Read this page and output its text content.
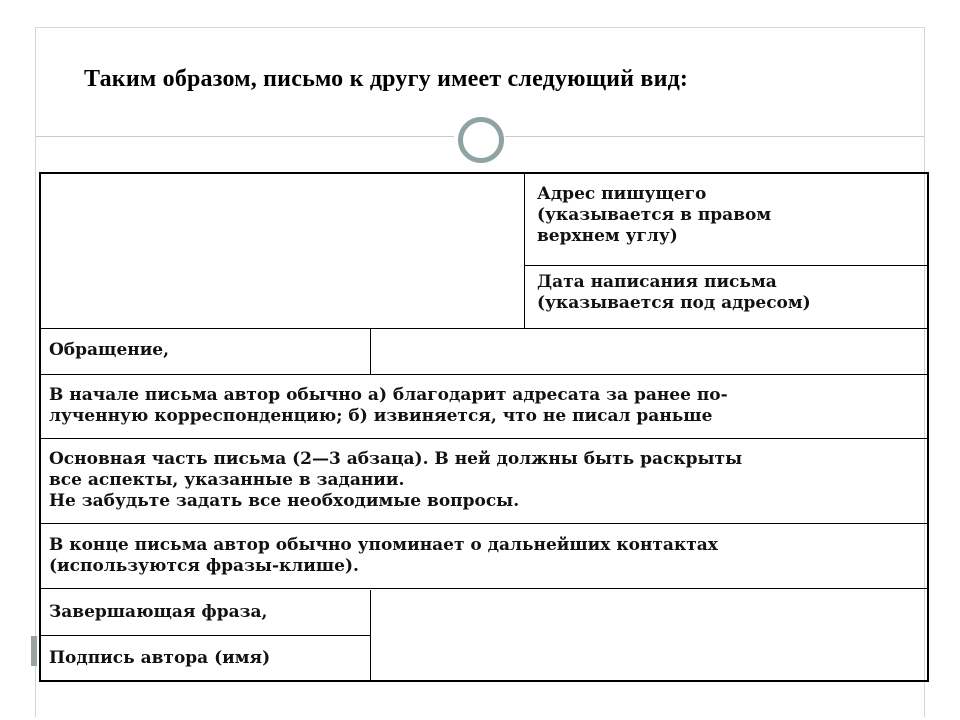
Таким образом, письмо к другу имеет следующий вид:

Адрес пишущего

(указывается в правом

верхнем углу)

Дата написания письма

(указывается под адресом)

Обращение,

В начале письма автор обычно а) благодарит адресата за ранее по-

лученную корреспонденцию; б) извиняется, что не писал раньше

Основная часть письма (2—3 абзаца). В ней должны быть раскрыты

все аспекты, указанные в задании.

Не забудьте задать все необходимые вопросы.

В конце письма автор обычно упоминает о дальнейших контактах

(используются фразы-клише).

Завершающая фраза,

Подпись автора (имя)
